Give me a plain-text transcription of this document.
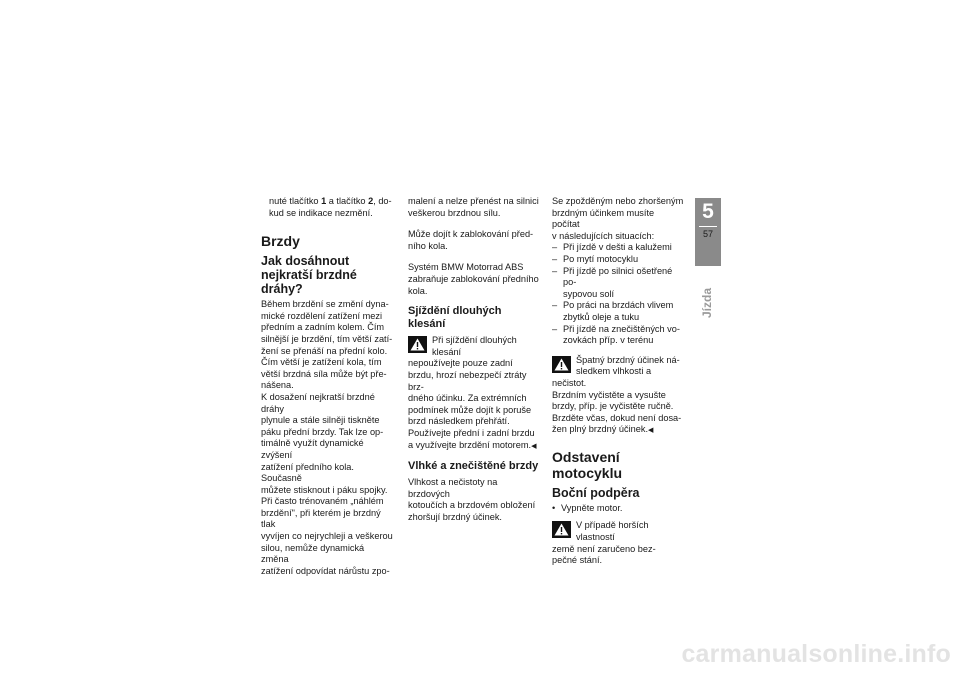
nuté tlačítko 1 a tlačítko 2, do-
kud se indikace nezmění.

Brzdy
Jak dosáhnout nejkratší brzdné dráhy?

Během brzdění se změní dyna-
mické rozdělení zatížení mezi
předním a zadním kolem. Čím
silnější je brzdění, tím větší zatí-
žení se přenáší na přední kolo.
Čím větší je zatížení kola, tím
větší brzdná síla může být pře-
nášena.

K dosažení nejkratší brzdné dráhy
plynule a stále silněji tiskněte
páku přední brzdy. Tak lze op-
timálně využít dynamické zvýšení
zatížení předního kola. Současně
můžete stisknout i páku spojky.
Při často trénovaném „náhlém
brzdění", při kterém je brzdný tlak
vyvíjen co nejrychleji a veškerou
silou, nemůže dynamická změna
zatížení odpovídat nárůstu zpo-

malení a nelze přenést na silnici
veškerou brzdnou sílu.

Může dojít k zablokování před-
ního kola.

Systém BMW Motorrad ABS
zabraňuje zablokování předního
kola.

Sjíždění dlouhých klesání
Při sjíždění dlouhých klesání
nepoužívejte pouze zadní
brzdu, hrozí nebezpečí ztráty brz-
dného účinku. Za extrémních
podmínek může dojít k poruše
brzd následkem přehřátí.
Používejte přední i zadní brzdu
a využívejte brzdění motorem.◀
Vlhké a znečištěné brzdy

Vlhkost a nečistoty na brzdových
kotoučích a brzdovém obložení
zhoršují brzdný účinek.

Se zpožděným nebo zhoršeným
brzdným účinkem musíte počítat
v následujících situacích:

– Při jízdě v dešti a kalužemi
– Po mytí motocyklu
– Při jízdě po silnici ošetřené po-
sypovou solí
– Po práci na brzdách vlivem
zbytků oleje a tuku
– Při jízdě na znečištěných vo-
zovkách příp. v terénu
Špatný brzdný účinek ná-
sledkem vlhkosti a nečistot.
Brzdním vyčistěte a vysušte
brzdy, příp. je vyčistěte ručně.
Brzděte včas, dokud není dosa-
žen plný brzdný účinek.◀
Odstavení motocyklu
Boční podpěra
• Vypněte motor.
V případě horších vlastností
země není zaručeno bez-
pečné stání.
5
57
Jízda
carmanualsonline.info
